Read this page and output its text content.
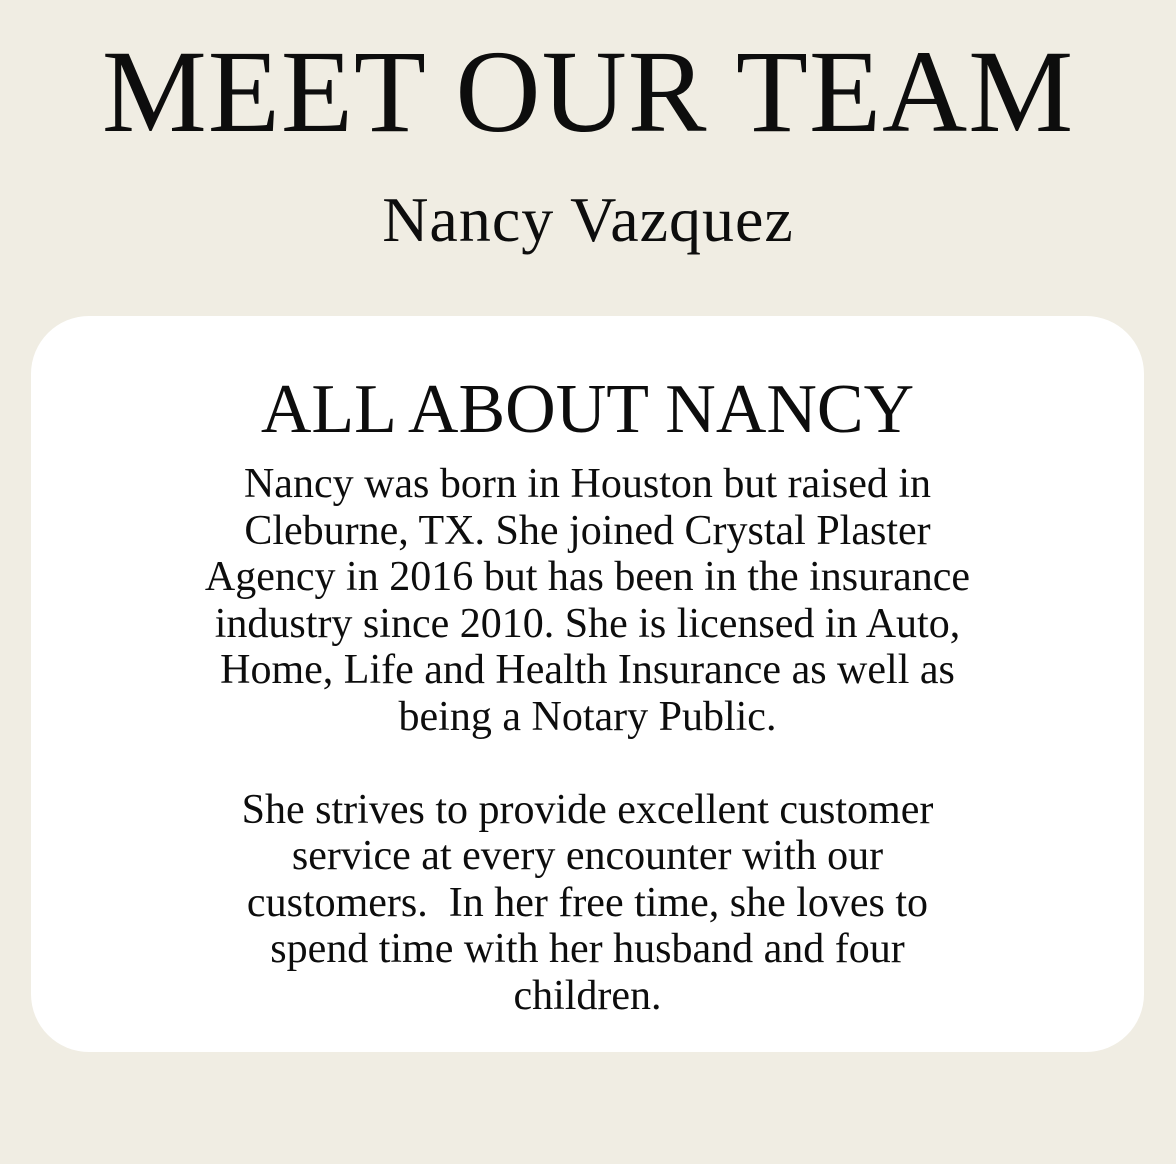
MEET OUR TEAM
Nancy Vazquez
ALL ABOUT NANCY
Nancy was born in Houston but raised in
Cleburne, TX. She joined Crystal Plaster
Agency in 2016 but has been in the insurance
industry since 2010. She is licensed in Auto,
Home, Life and Health Insurance as well as
being a Notary Public.
She strives to provide excellent customer
service at every encounter with our
customers.  In her free time, she loves to
spend time with her husband and four
children.
